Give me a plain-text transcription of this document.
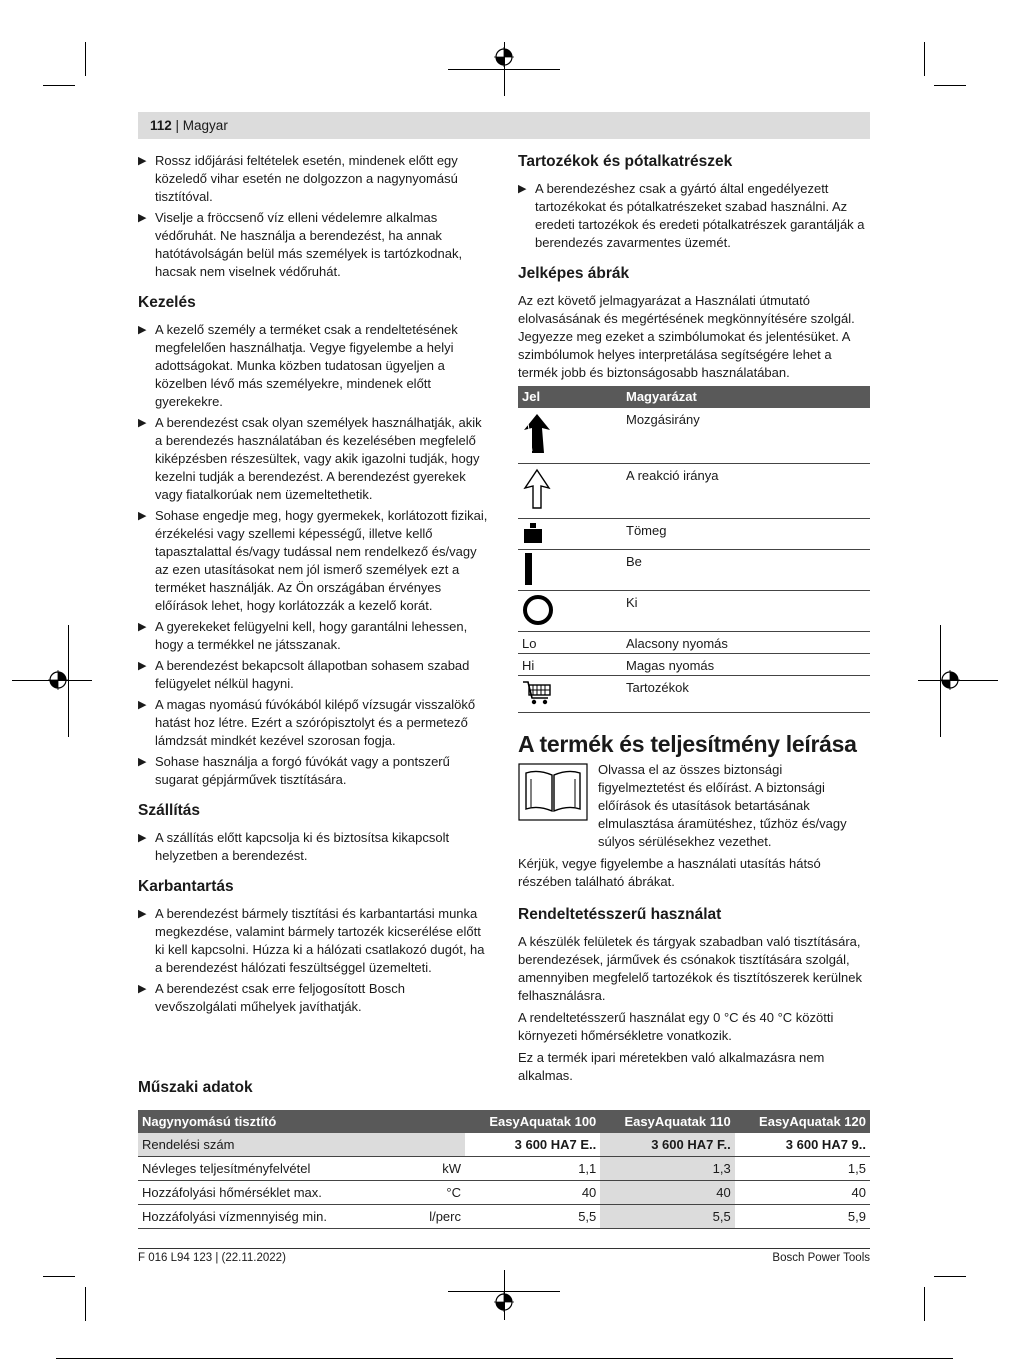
112 | Magyar
▶ Rossz időjárási feltételek esetén, mindenek előtt egy közeledő vihar esetén ne dolgozzon a nagynyomású tisztítóval.
▶ Viselje a fröccsenő víz elleni védelemre alkalmas védőruhát. Ne használja a berendezést, ha annak hatótávolságán belül más személyek is tartózkodnak, hacsak nem viselnek védőruhát.
Kezelés
▶ A kezelő személy a terméket csak a rendeltetésének megfelelően használhatja. Vegye figyelembe a helyi adottságokat. Munka közben tudatosan ügyeljen a közelben lévő más személyekre, mindenek előtt gyerekekre.
▶ A berendezést csak olyan személyek használhatják, akik a berendezés használatában és kezelésében megfelelő kiképzésben részesültek, vagy akik igazolni tudják, hogy kezelni tudják a berendezést. A berendezést gyerekek vagy fiatalkorúak nem üzemeltethetik.
▶ Sohase engedje meg, hogy gyermekek, korlátozott fizikai, érzékelési vagy szellemi képességű, illetve kellő tapasztalattal és/vagy tudással nem rendelkező és/vagy az ezen utasításokat nem jól ismerő személyek ezt a terméket használják. Az Ön országában érvényes előírások lehet, hogy korlátozzák a kezelő korát.
▶ A gyerekeket felügyelni kell, hogy garantálni lehessen, hogy a termékkel ne játsszanak.
▶ A berendezést bekapcsolt állapotban sohasem szabad felügyelet nélkül hagyni.
▶ A magas nyomású fúvókából kilépő vízsugár visszalökő hatást hoz létre. Ezért a szórópisztolyt és a permetező lámdzsát mindkét kezével szorosan fogja.
▶ Sohase használja a forgó fúvókát vagy a pontszerű sugarat gépjárművek tisztítására.
Szállítás
▶ A szállítás előtt kapcsolja ki és biztosítsa kikapcsolt helyzetben a berendezést.
Karbantartás
▶ A berendezést bármely tisztítási és karbantartási munka megkezdése, valamint bármely tartozék kicserélése előtt ki kell kapcsolni. Húzza ki a hálózati csatlakozó dugót, ha a berendezést hálózati feszültséggel üzemelteti.
▶ A berendezést csak erre feljogosított Bosch vevőszolgálati műhelyek javíthatják.
Tartozékok és pótalkatrészek
▶ A berendezéshez csak a gyártó által engedélyezett tartozékokat és pótalkatrészeket szabad használni. Az eredeti tartozékok és eredeti pótalkatrészek garantálják a berendezés zavarmentes üzemét.
Jelképes ábrák

Az ezt követő jelmagyarázat a Használati útmutató elolvasásának és megértésének megkönnyítésére szolgál. Jegyezze meg ezeket a szimbólumokat és jelentésüket. A szimbólumok helyes interpretálása segítségére lehet a termék jobb és biztonságosabb használatában.

Jel	Magyarázat
	Mozgásirány
	A reakció iránya
	Tömeg
	Be
	Ki
Lo	Alacsony nyomás
Hi	Magas nyomás
	Tartozékok
A termék és teljesítmény leírása

Olvassa el az összes biztonsági figyelmeztetést és előírást. A biztonsági előírások és utasítások betartásának elmulasztása áramütéshez, tűzhöz és/vagy súlyos sérülésekhez vezethet.

Kérjük, vegye figyelembe a használati utasítás hátsó részében található ábrákat.

Rendeltetésszerű használat

A készülék felületek és tárgyak szabadban való tisztítására, berendezések, járművek és csónakok tisztítására szolgál, amennyiben megfelelő tartozékok és tisztítószerek kerülnek felhasználásra.

A rendeltetésszerű használat egy 0 °C és 40 °C közötti környezeti hőmérsékletre vonatkozik.

Ez a termék ipari méretekben való alkalmazásra nem alkalmas.

Műszaki adatok
Nagynyomású tisztító		EasyAquatak 100	EasyAquatak 110	EasyAquatak 120
Rendelési szám		3 600 HA7 E..	3 600 HA7 F..	3 600 HA7 9..
Névleges teljesítményfelvétel	kW	1,1	1,3	1,5
Hozzáfolyási hőmérséklet max.	°C	40	40	40
Hozzáfolyási vízmennyiség min.	l/perc	5,5	5,5	5,9
F 016 L94 123 | (22.11.2022)	Bosch Power Tools
